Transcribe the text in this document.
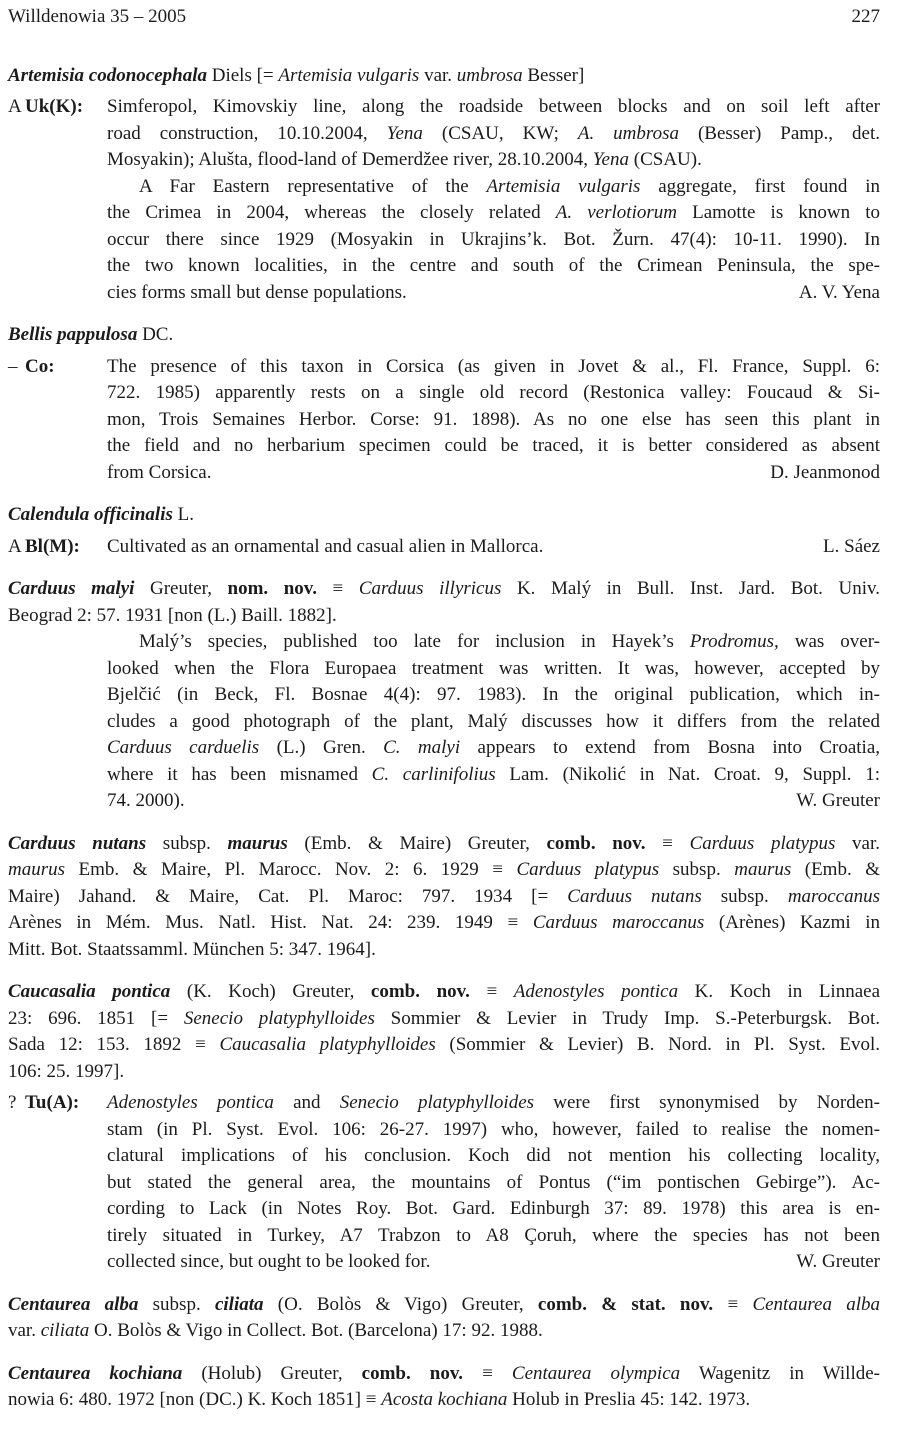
Willdenowia 35 – 2005	227
Artemisia codonocephala Diels [= Artemisia vulgaris var. umbrosa Besser]
A Uk(K): Simferopol, Kimovskiy line, along the roadside between blocks and on soil left after
road construction, 10.10.2004, Yena (CSAU, KW; A. umbrosa (Besser) Pamp., det.
Mosyakin); Alušta, flood-land of Demerdžee river, 28.10.2004, Yena (CSAU).
A Far Eastern representative of the Artemisia vulgaris aggregate, first found in
the Crimea in 2004, whereas the closely related A. verlotiorum Lamotte is known to
occur there since 1929 (Mosyakin in Ukrajins’k. Bot. Žurn. 47(4): 10-11. 1990). In
the two known localities, in the centre and south of the Crimean Peninsula, the spe-
A. V. Yena
cies forms small but dense populations.
Bellis pappulosa DC.
– Co:	The presence of this taxon in Corsica (as given in Jovet & al., Fl. France, Suppl. 6:
722. 1985) apparently rests on a single old record (Restonica valley: Foucaud & Si-
mon, Trois Semaines Herbor. Corse: 91. 1898). As no one else has seen this plant in
the field and no herbarium specimen could be traced, it is better considered as absent
D. Jeanmonod
from Corsica.
Calendula officinalis L.
A Bl(M):	L. Sáez
Cultivated as an ornamental and casual alien in Mallorca.
Carduus malyi Greuter, nom. nov. ≡ Carduus illyricus K. Malý in Bull. Inst. Jard. Bot. Univ.
Beograd 2: 57. 1931 [non (L.) Baill. 1882].
Malý’s species, published too late for inclusion in Hayek’s Prodromus, was over-
looked when the Flora Europaea treatment was written. It was, however, accepted by
Bjelčić (in Beck, Fl. Bosnae 4(4): 97. 1983). In the original publication, which in-
cludes a good photograph of the plant, Malý discusses how it differs from the related
Carduus carduelis (L.) Gren. C. malyi appears to extend from Bosna into Croatia,
where it has been misnamed C. carlinifolius Lam. (Nikolić in Nat. Croat. 9, Suppl. 1:
W. Greuter
74. 2000).
Carduus nutans subsp. maurus (Emb. & Maire) Greuter, comb. nov. ≡ Carduus platypus var.
maurus Emb. & Maire, Pl. Marocc. Nov. 2: 6. 1929 ≡ Carduus platypus subsp. maurus (Emb. &
Maire) Jahand. & Maire, Cat. Pl. Maroc: 797. 1934 [= Carduus nutans subsp. maroccanus
Arènes in Mém. Mus. Natl. Hist. Nat. 24: 239. 1949 ≡ Carduus maroccanus (Arènes) Kazmi in
Mitt. Bot. Staatssamml. München 5: 347. 1964].
Caucasalia pontica (K. Koch) Greuter, comb. nov. ≡ Adenostyles pontica K. Koch in Linnaea
23: 696. 1851 [= Senecio platyphylloides Sommier & Levier in Trudy Imp. S.-Peterburgsk. Bot.
Sada 12: 153. 1892 ≡ Caucasalia platyphylloides (Sommier & Levier) B. Nord. in Pl. Syst. Evol.
106: 25. 1997].
? Tu(A): Adenostyles pontica and Senecio platyphylloides were first synonymised by Norden-
stam (in Pl. Syst. Evol. 106: 26-27. 1997) who, however, failed to realise the nomen-
clatural implications of his conclusion. Koch did not mention his collecting locality,
but stated the general area, the mountains of Pontus (“im pontischen Gebirge”). Ac-
cording to Lack (in Notes Roy. Bot. Gard. Edinburgh 37: 89. 1978) this area is en-
tirely situated in Turkey, A7 Trabzon to A8 Çoruh, where the species has not been
W. Greuter
collected since, but ought to be looked for.
Centaurea alba subsp. ciliata (O. Bolòs & Vigo) Greuter, comb. & stat. nov. ≡ Centaurea alba
var. ciliata O. Bolòs & Vigo in Collect. Bot. (Barcelona) 17: 92. 1988.
Centaurea kochiana (Holub) Greuter, comb. nov. ≡ Centaurea olympica Wagenitz in Willde-
nowia 6: 480. 1972 [non (DC.) K. Koch 1851] ≡ Acosta kochiana Holub in Preslia 45: 142. 1973.
